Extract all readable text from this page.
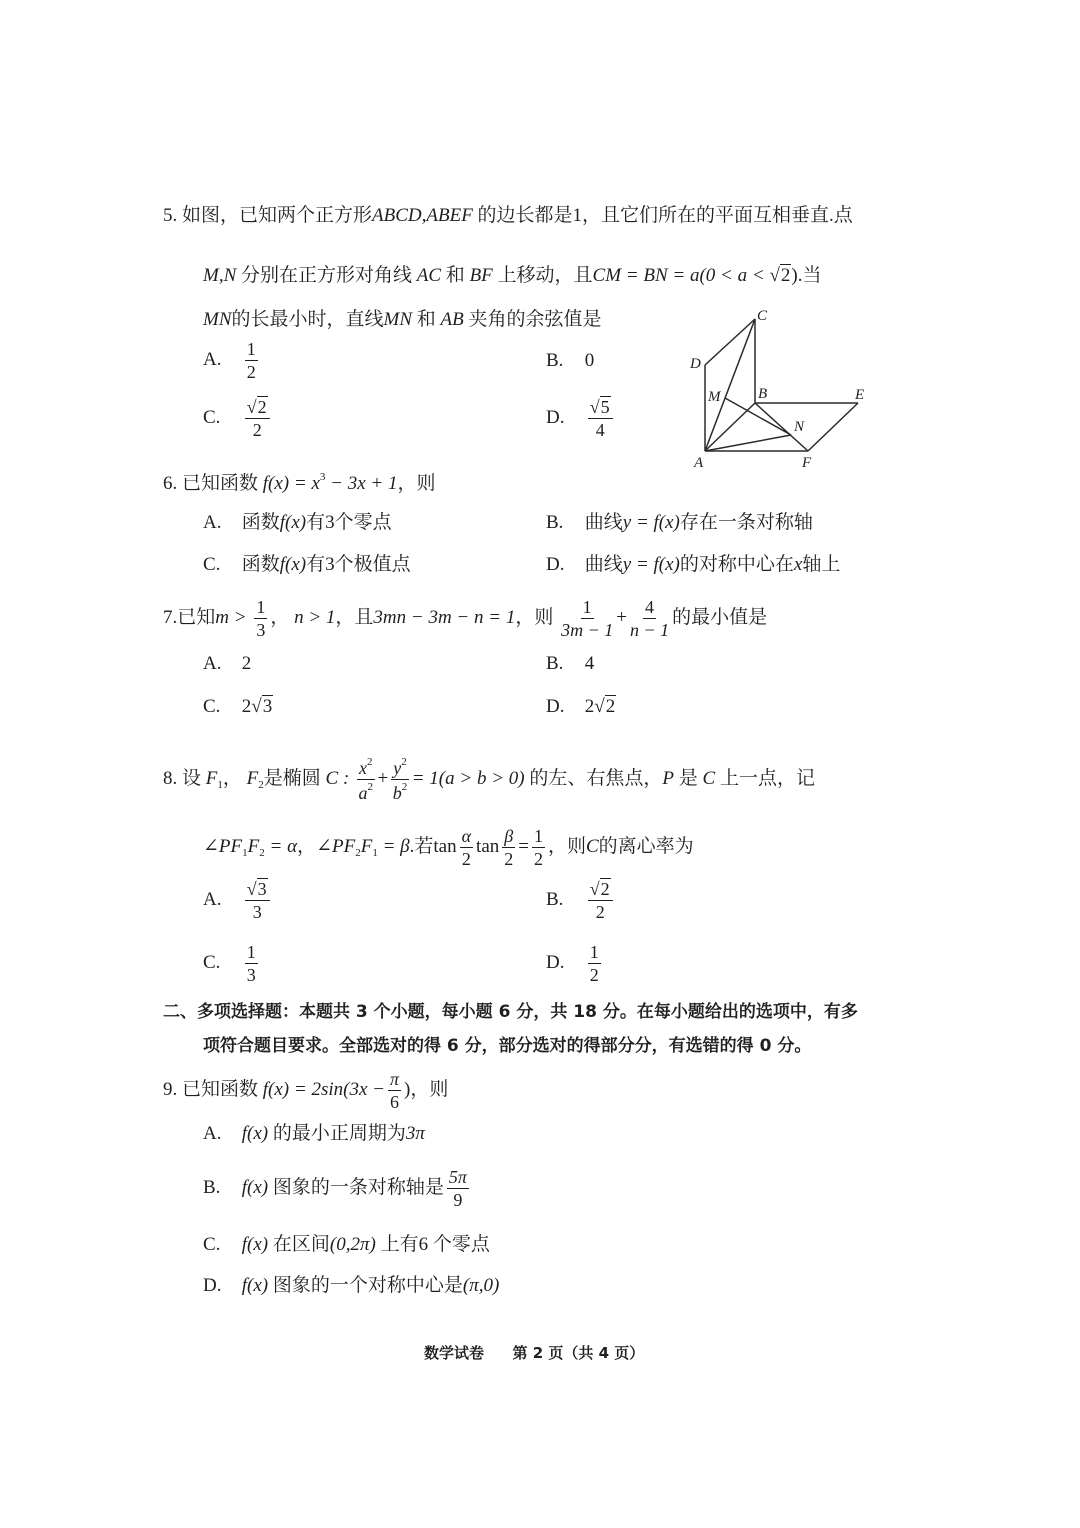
5. 如图，已知两个正方形ABCD,ABEF 的边长都是1，且它们所在的平面互相垂直.点
M,N 分别在正方形对角线 AC 和 BF 上移动，且CM = BN = a(0 < a < √2).当
MN的长最小时，直线MN 和 AB 夹角的余弦值是
A. $\frac{1}{2}$	B. 0
C. $\frac{√2}{2}$	D. $\frac{√5}{4}$
C
D
M	B	E
N
A	F
6. 已知函数 $f(x) = x^3 - 3x + 1$，则
A. 函数f(x)有3个零点	B. 曲线y = f(x)存在一条对称轴
C. 函数f(x)有3个极值点	D. 曲线y = f(x)的对称中心在x轴上
7.已知$m > \frac{1}{3}$ ， n > 1，且3mn − 3m − n = 1，则 $\frac{1}{3m - 1} + \frac{4}{n - 1}$ 的最小值是
A. 2	B. 4
C. 2√3	D. 2√2
8. 设 $F_1$， $F_2$是椭圆 C : $\frac{x^2}{a^2} + \frac{y^2}{b^2} = 1(a > b > 0)$ 的左、右焦点，P 是 C 上一点，记
$\angle PF_1F_2 = \alpha$，$\angle PF_2F_1 = \beta$.若$\tan \frac{\alpha}{2}$ $\tan \frac{\beta}{2} = \frac{1}{2}$ ，则C的离心率为
A. $\frac{√3}{3}$	B. $\frac{√2}{2}$
C. $\frac{1}{3}$	D. $\frac{1}{2}$
二、多项选择题：本题共 3 个小题，每小题 6 分，共 18 分。在每小题给出的选项中，有多
项符合题目要求。全部选对的得 6 分，部分选对的得部分分，有选错的得 0 分。
9. 已知函数 $f(x) = 2\sin(3x - \frac{\pi}{6}$ )，则
A. f(x) 的最小正周期为3π
B. f(x) 图象的一条对称轴是 $\frac{5\pi}{9}$
C. f(x) 在区间(0,2π) 上有6 个零点
D. f(x) 图象的一个对称中心是(π,0)
数学试卷 第 2 页（共 4 页）
